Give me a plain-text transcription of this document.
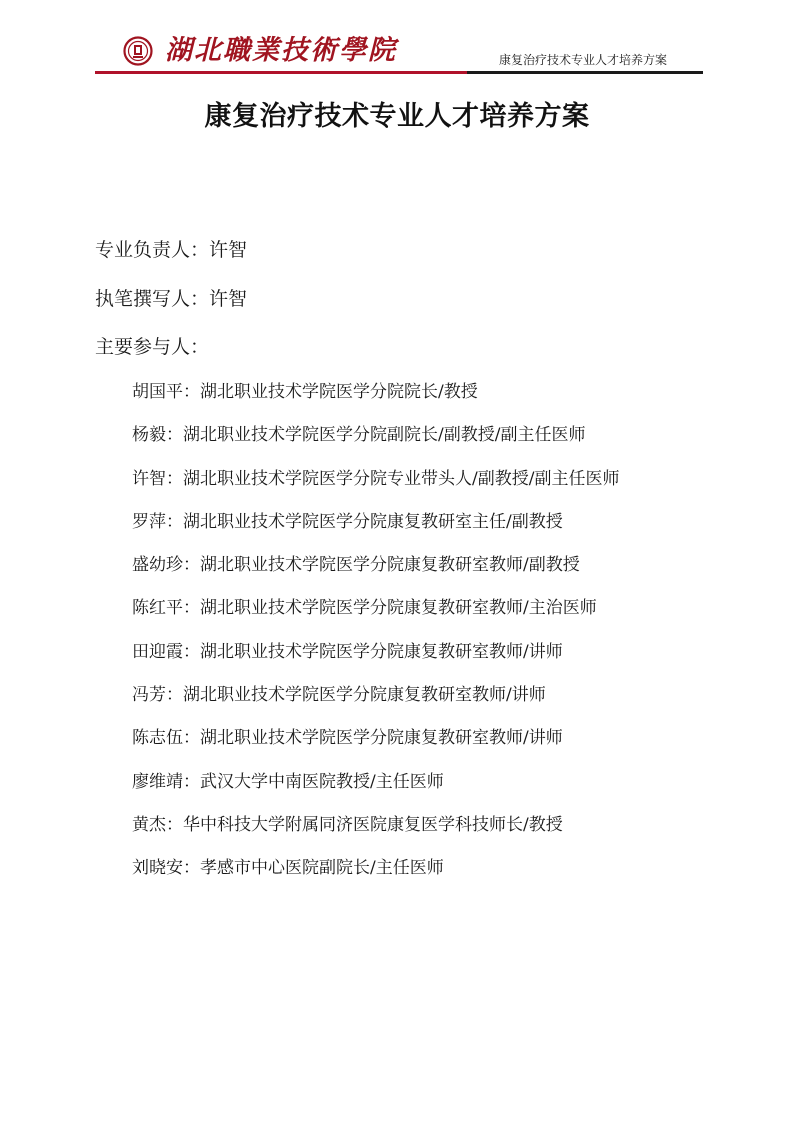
湖北職業技術學院	康复治疗技术专业人才培养方案
康复治疗技术专业人才培养方案
专业负责人：许智
执笔撰写人：许智
主要参与人：
胡国平：湖北职业技术学院医学分院院长/教授
杨毅：湖北职业技术学院医学分院副院长/副教授/副主任医师
许智：湖北职业技术学院医学分院专业带头人/副教授/副主任医师
罗萍：湖北职业技术学院医学分院康复教研室主任/副教授
盛幼珍：湖北职业技术学院医学分院康复教研室教师/副教授
陈红平：湖北职业技术学院医学分院康复教研室教师/主治医师
田迎霞：湖北职业技术学院医学分院康复教研室教师/讲师
冯芳：湖北职业技术学院医学分院康复教研室教师/讲师
陈志伍：湖北职业技术学院医学分院康复教研室教师/讲师
廖维靖：武汉大学中南医院教授/主任医师
黄杰：华中科技大学附属同济医院康复医学科技师长/教授
刘晓安：孝感市中心医院副院长/主任医师
